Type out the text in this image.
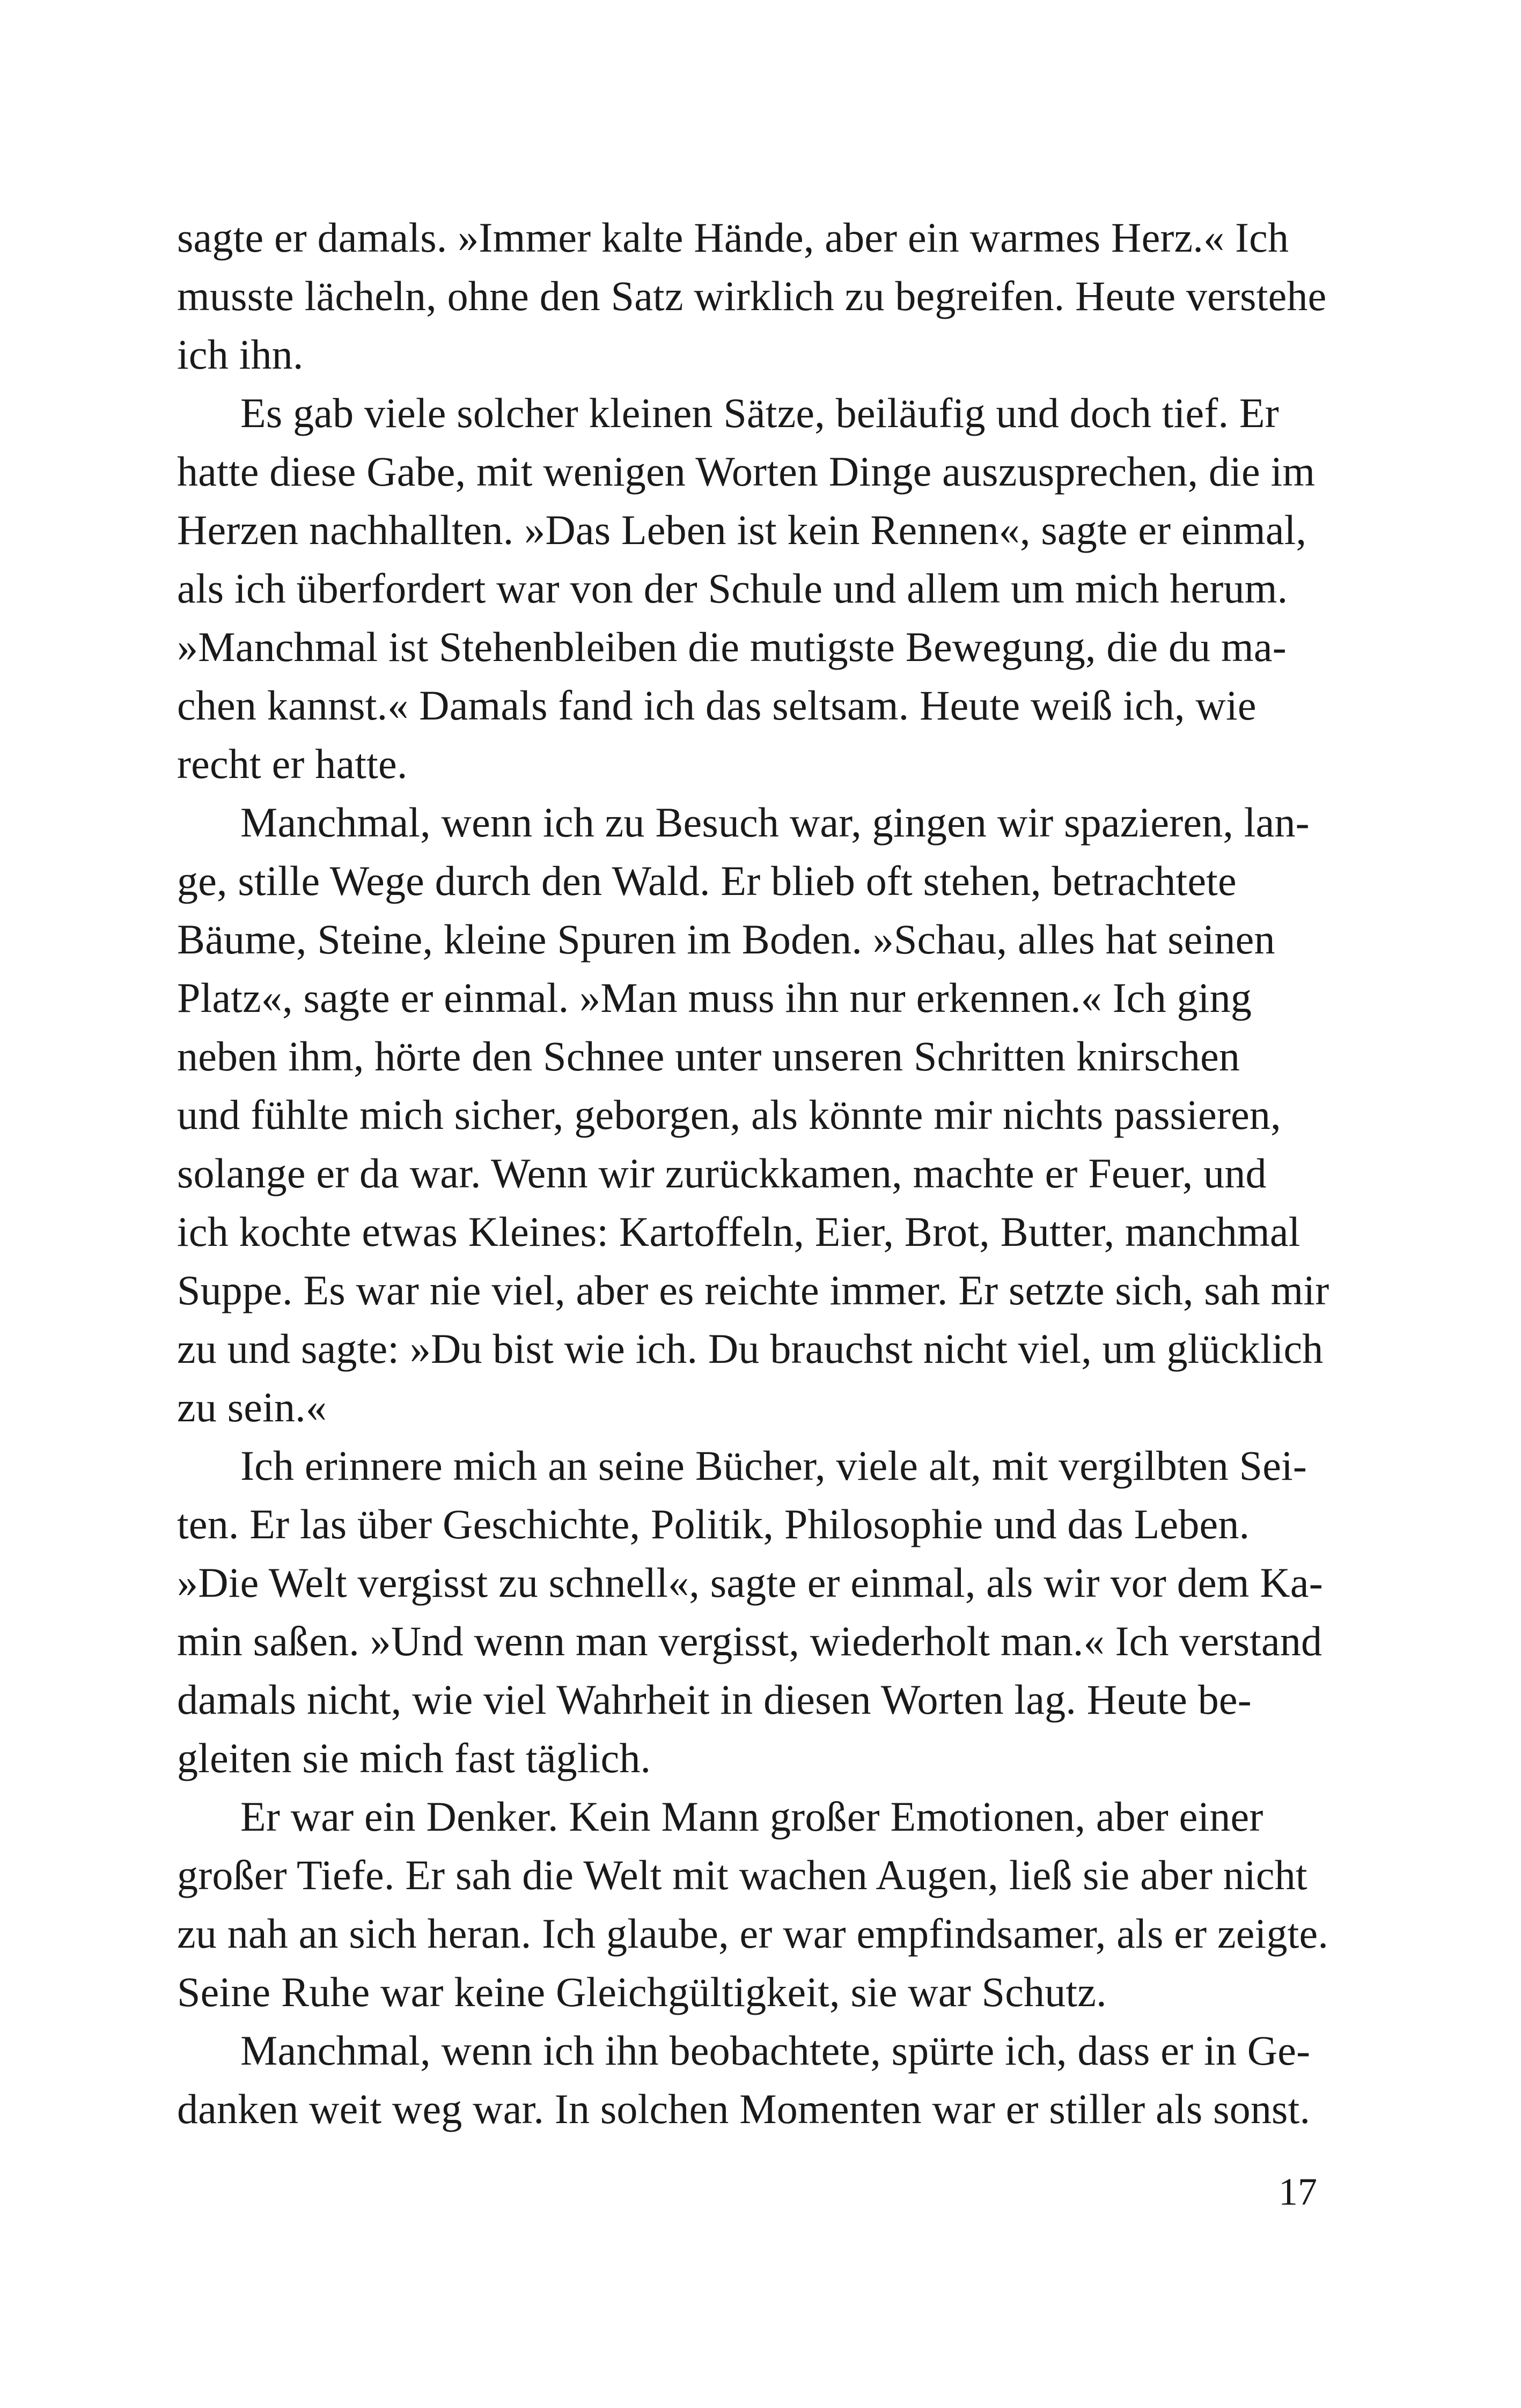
sagte er damals. »Immer kalte Hände, aber ein warmes Herz.« Ich
musste lächeln, ohne den Satz wirklich zu begreifen. Heute verstehe
ich ihn.
Es gab viele solcher kleinen Sätze, beiläufig und doch tief. Er
hatte diese Gabe, mit wenigen Worten Dinge auszusprechen, die im
Herzen nachhallten. »Das Leben ist kein Rennen«, sagte er einmal,
als ich überfordert war von der Schule und allem um mich herum.
»Manchmal ist Stehenbleiben die mutigste Bewegung, die du ma-
chen kannst.« Damals fand ich das seltsam. Heute weiß ich, wie
recht er hatte.
Manchmal, wenn ich zu Besuch war, gingen wir spazieren, lan-
ge, stille Wege durch den Wald. Er blieb oft stehen, betrachtete
Bäume, Steine, kleine Spuren im Boden. »Schau, alles hat seinen
Platz«, sagte er einmal. »Man muss ihn nur erkennen.« Ich ging
neben ihm, hörte den Schnee unter unseren Schritten knirschen
und fühlte mich sicher, geborgen, als könnte mir nichts passieren,
solange er da war. Wenn wir zurückkamen, machte er Feuer, und
ich kochte etwas Kleines: Kartoffeln, Eier, Brot, Butter, manchmal
Suppe. Es war nie viel, aber es reichte immer. Er setzte sich, sah mir
zu und sagte: »Du bist wie ich. Du brauchst nicht viel, um glücklich
zu sein.«
Ich erinnere mich an seine Bücher, viele alt, mit vergilbten Sei-
ten. Er las über Geschichte, Politik, Philosophie und das Leben.
»Die Welt vergisst zu schnell«, sagte er einmal, als wir vor dem Ka-
min saßen. »Und wenn man vergisst, wiederholt man.« Ich verstand
damals nicht, wie viel Wahrheit in diesen Worten lag. Heute be-
gleiten sie mich fast täglich.
Er war ein Denker. Kein Mann großer Emotionen, aber einer
großer Tiefe. Er sah die Welt mit wachen Augen, ließ sie aber nicht
zu nah an sich heran. Ich glaube, er war empfindsamer, als er zeigte.
Seine Ruhe war keine Gleichgültigkeit, sie war Schutz.
Manchmal, wenn ich ihn beobachtete, spürte ich, dass er in Ge-
danken weit weg war. In solchen Momenten war er stiller als sonst.
17
